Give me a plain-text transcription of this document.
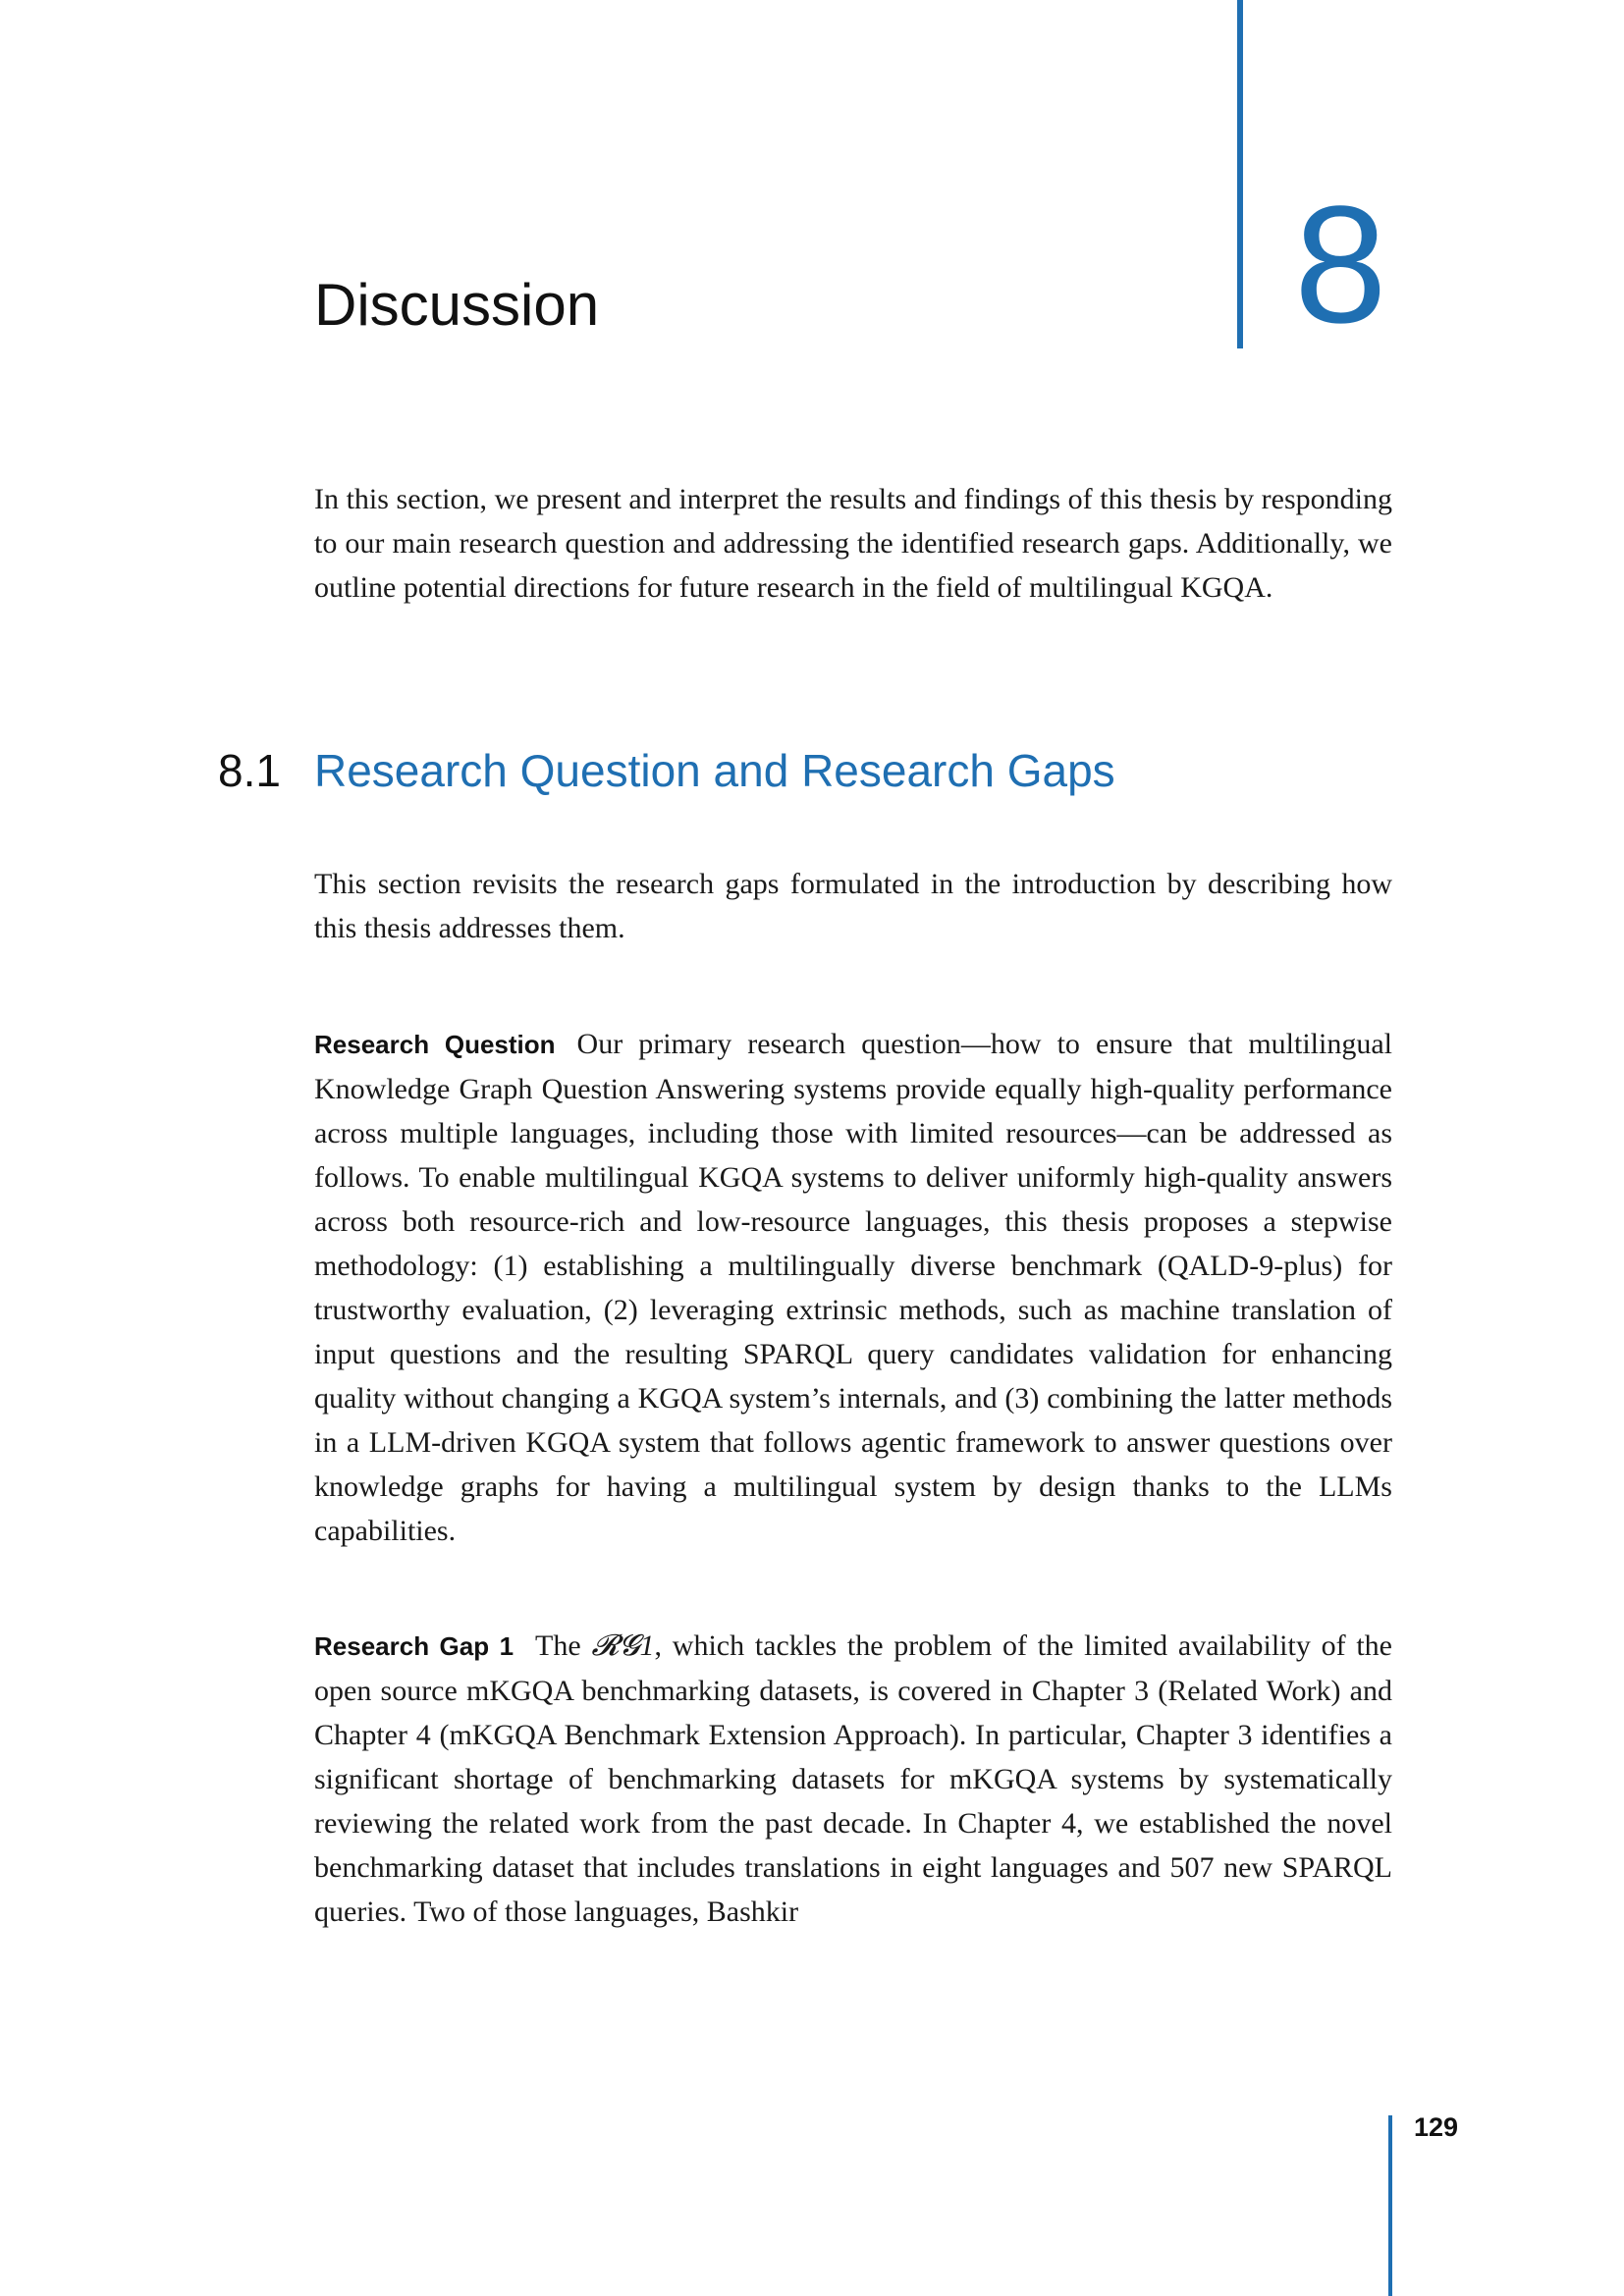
8
Discussion

In this section, we present and interpret the results and findings of this thesis by responding to our main research question and addressing the identified research gaps. Additionally, we outline potential directions for future research in the field of multilingual KGQA.

8.1 Research Question and Research Gaps

This section revisits the research gaps formulated in the introduction by describing how this thesis addresses them.

Research Question Our primary research question—how to ensure that multilingual Knowledge Graph Question Answering systems provide equally high-quality performance across multiple languages, including those with limited resources—can be addressed as follows. To enable multilingual KGQA systems to deliver uniformly high-quality answers across both resource-rich and low-resource languages, this thesis proposes a stepwise methodology: (1) establishing a multilingually diverse benchmark (QALD-9-plus) for trustworthy evaluation, (2) leveraging extrinsic methods, such as machine translation of input questions and the resulting SPARQL query candidates validation for enhancing quality without changing a KGQA system’s internals, and (3) combining the latter methods in a LLM-driven KGQA system that follows agentic framework to answer questions over knowledge graphs for having a multilingual system by design thanks to the LLMs capabilities.

Research Gap 1 The 𝓡𝓖1, which tackles the problem of the limited availability of the open source mKGQA benchmarking datasets, is covered in Chapter 3 (Related Work) and Chapter 4 (mKGQA Benchmark Extension Approach). In particular, Chapter 3 identifies a significant shortage of benchmarking datasets for mKGQA systems by systematically reviewing the related work from the past decade. In Chapter 4, we established the novel benchmarking dataset that includes translations in eight languages and 507 new SPARQL queries. Two of those languages, Bashkir

129
